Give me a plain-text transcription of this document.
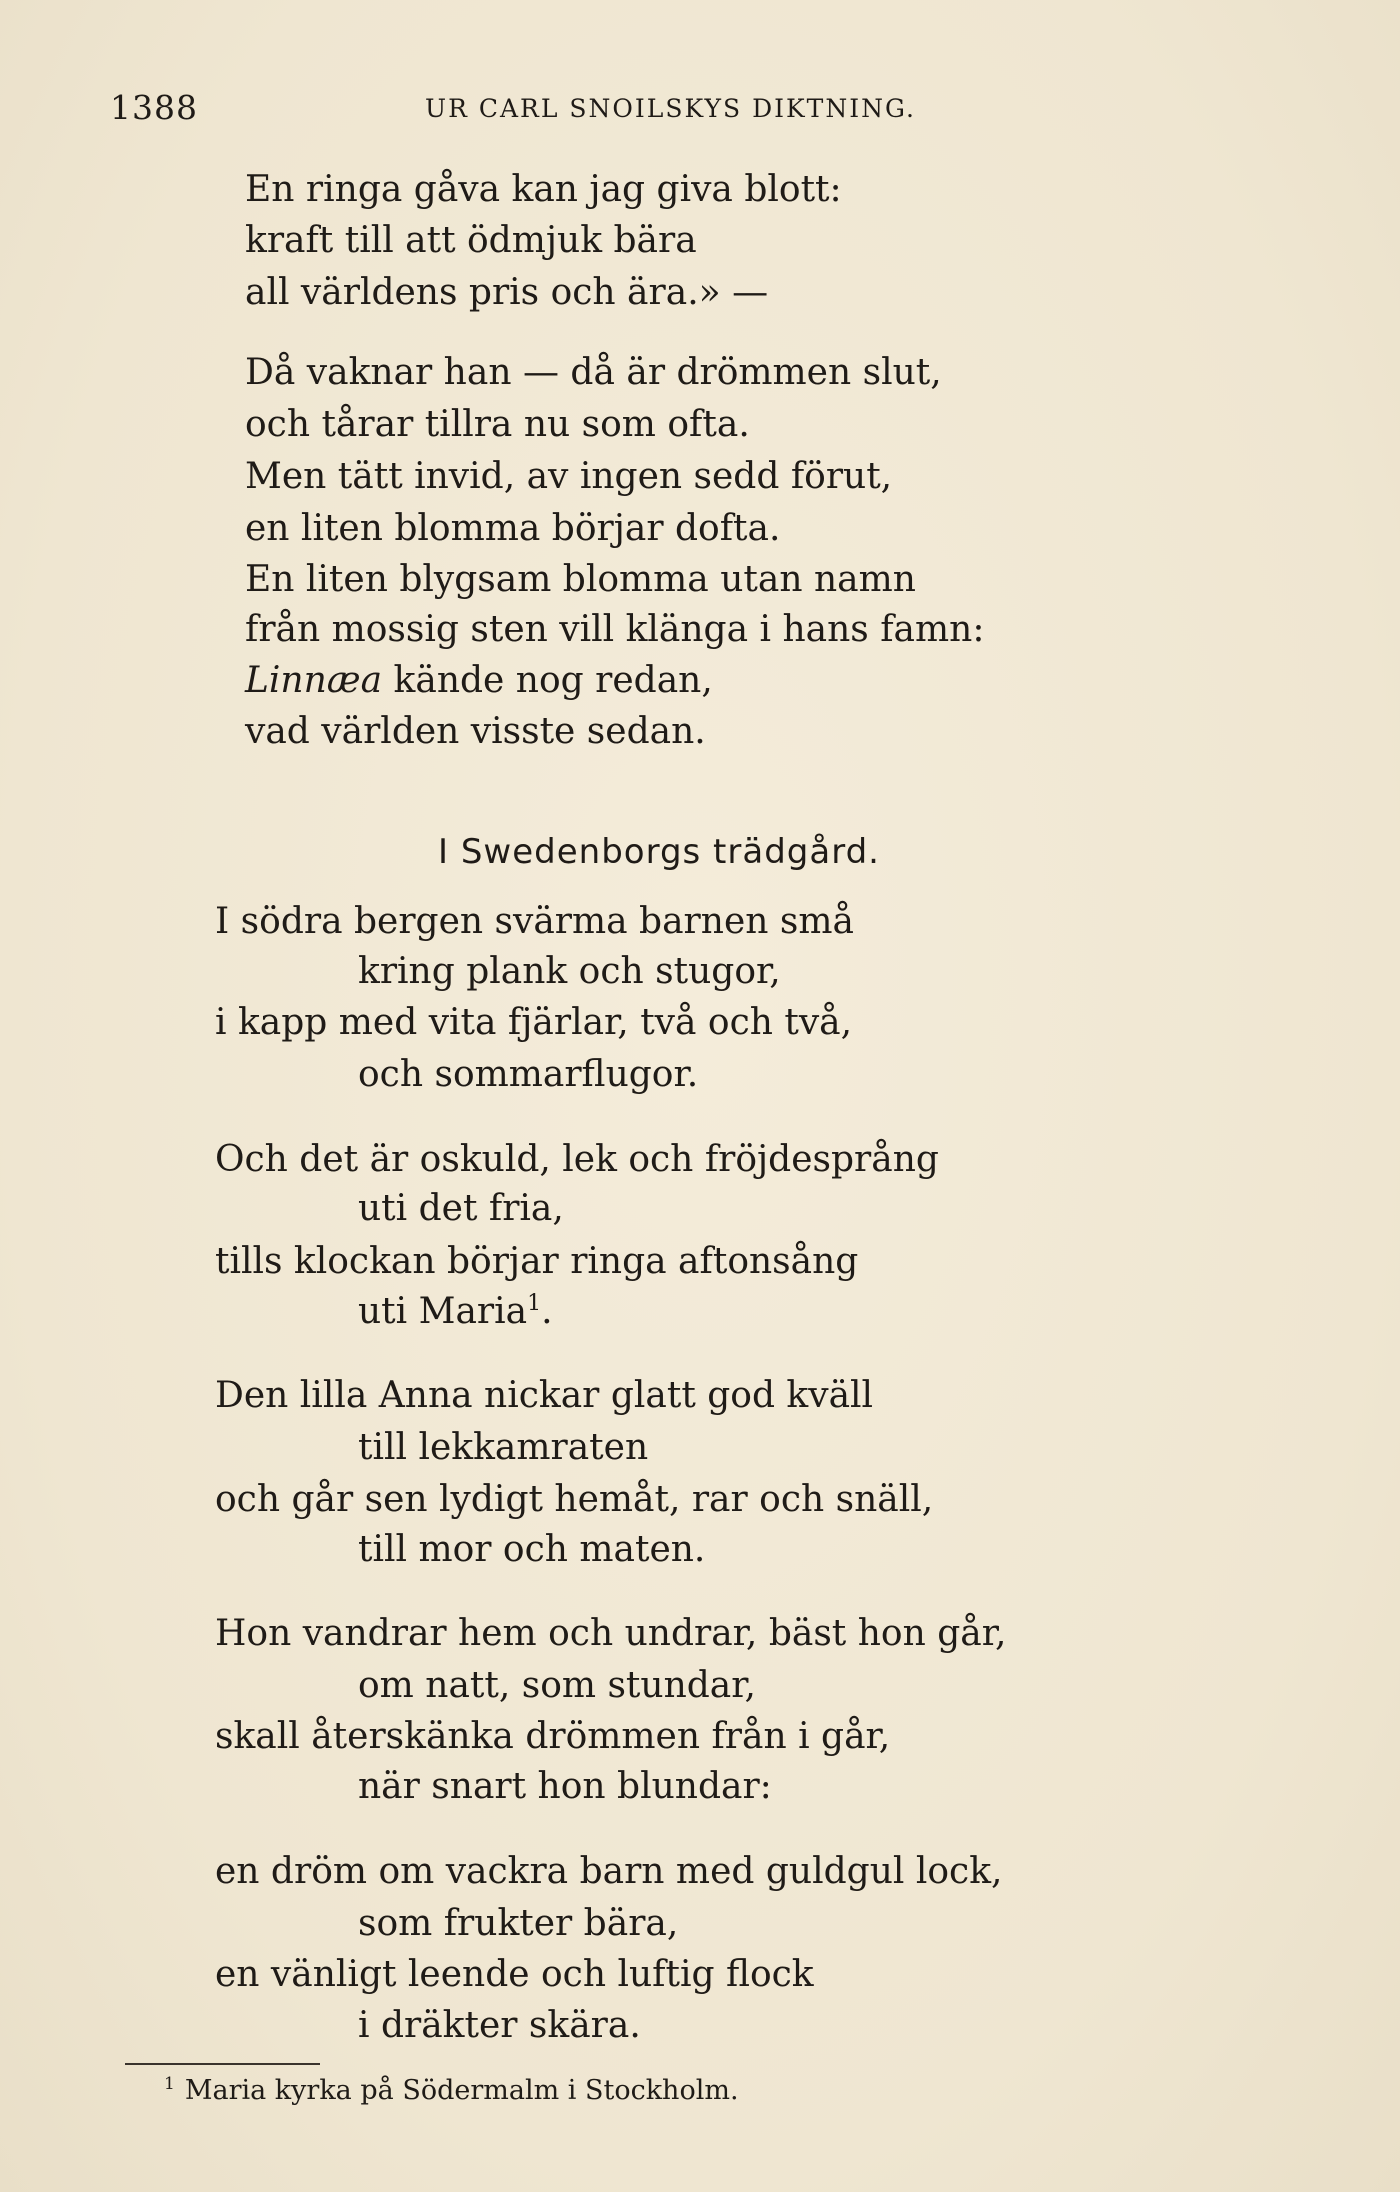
1388	UR CARL SNOILSKYS DIKTNING.
En ringa gåva kan jag giva blott:
kraft till att ödmjuk bära
all världens pris och ära.» —
Då vaknar han — då är drömmen slut,
och tårar tillra nu som ofta.
Men tätt invid, av ingen sedd förut,
en liten blomma börjar dofta.
En liten blygsam blomma utan namn
från mossig sten vill klänga i hans famn:
Linnæa kände nog redan,
vad världen visste sedan.
I Swedenborgs trädgård.
I södra bergen svärma barnen små
kring plank och stugor,
i kapp med vita fjärlar, två och två,
och sommarflugor.
Och det är oskuld, lek och fröjdesprång
uti det fria,
tills klockan börjar ringa aftonsång
uti Maria$^1$.
Den lilla Anna nickar glatt god kväll
till lekkamraten
och går sen lydigt hemåt, rar och snäll,
till mor och maten.
Hon vandrar hem och undrar, bäst hon går,
om natt, som stundar,
skall återskänka drömmen från i går,
när snart hon blundar:
en dröm om vackra barn med guldgul lock,
som frukter bära,
en vänligt leende och luftig flock
i dräkter skära.
$^1$ Maria kyrka på Södermalm i Stockholm.
